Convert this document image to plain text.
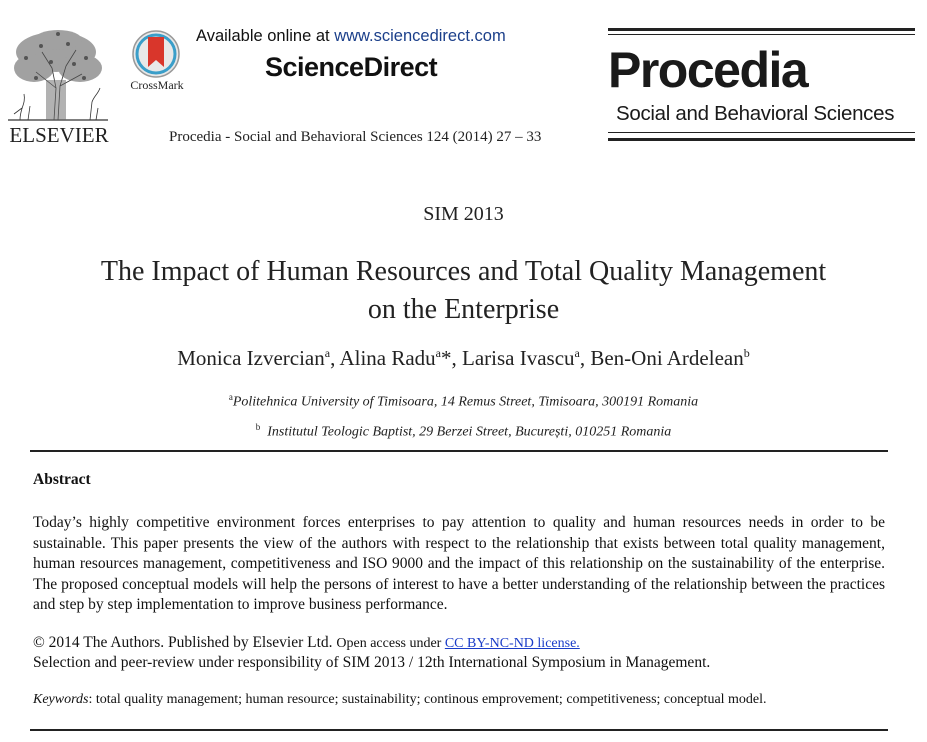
ELSEVIER
CrossMark
Available online at www.sciencedirect.com
ScienceDirect
Procedia - Social and Behavioral Sciences 124 (2014) 27 – 33
Procedia
Social and Behavioral Sciences
SIM 2013
The Impact of Human Resources and Total Quality Management
on the Enterprise
Monica Izvercian$^a$, Alina Radu$^a$*, Larisa Ivascu$^a$, Ben-Oni Ardelean$^b$
$^a$Politehnica University of Timisoara, 14 Remus Street, Timisoara, 300191 Romania
$^b$ Institutul Teologic Baptist, 29 Berzei Street, București, 010251 Romania
Abstract
Today’s highly competitive environment forces enterprises to pay attention to quality and human resources needs in order to be sustainable. This paper presents the view of the authors with respect to the relationship that exists between total quality management, human resources management, competitiveness and ISO 9000 and the impact of this relationship on the sustainability of the enterprise. The proposed conceptual models will help the persons of interest to have a better understanding of the relationship between the practices and step by step implementation to improve business performance.
© 2014 The Authors. Published by Elsevier Ltd. Open access under CC BY-NC-ND license.
Selection and peer-review under responsibility of SIM 2013 / 12th International Symposium in Management.
Keywords: total quality management; human resource; sustainability; continous emprovement; competitiveness; conceptual model.
